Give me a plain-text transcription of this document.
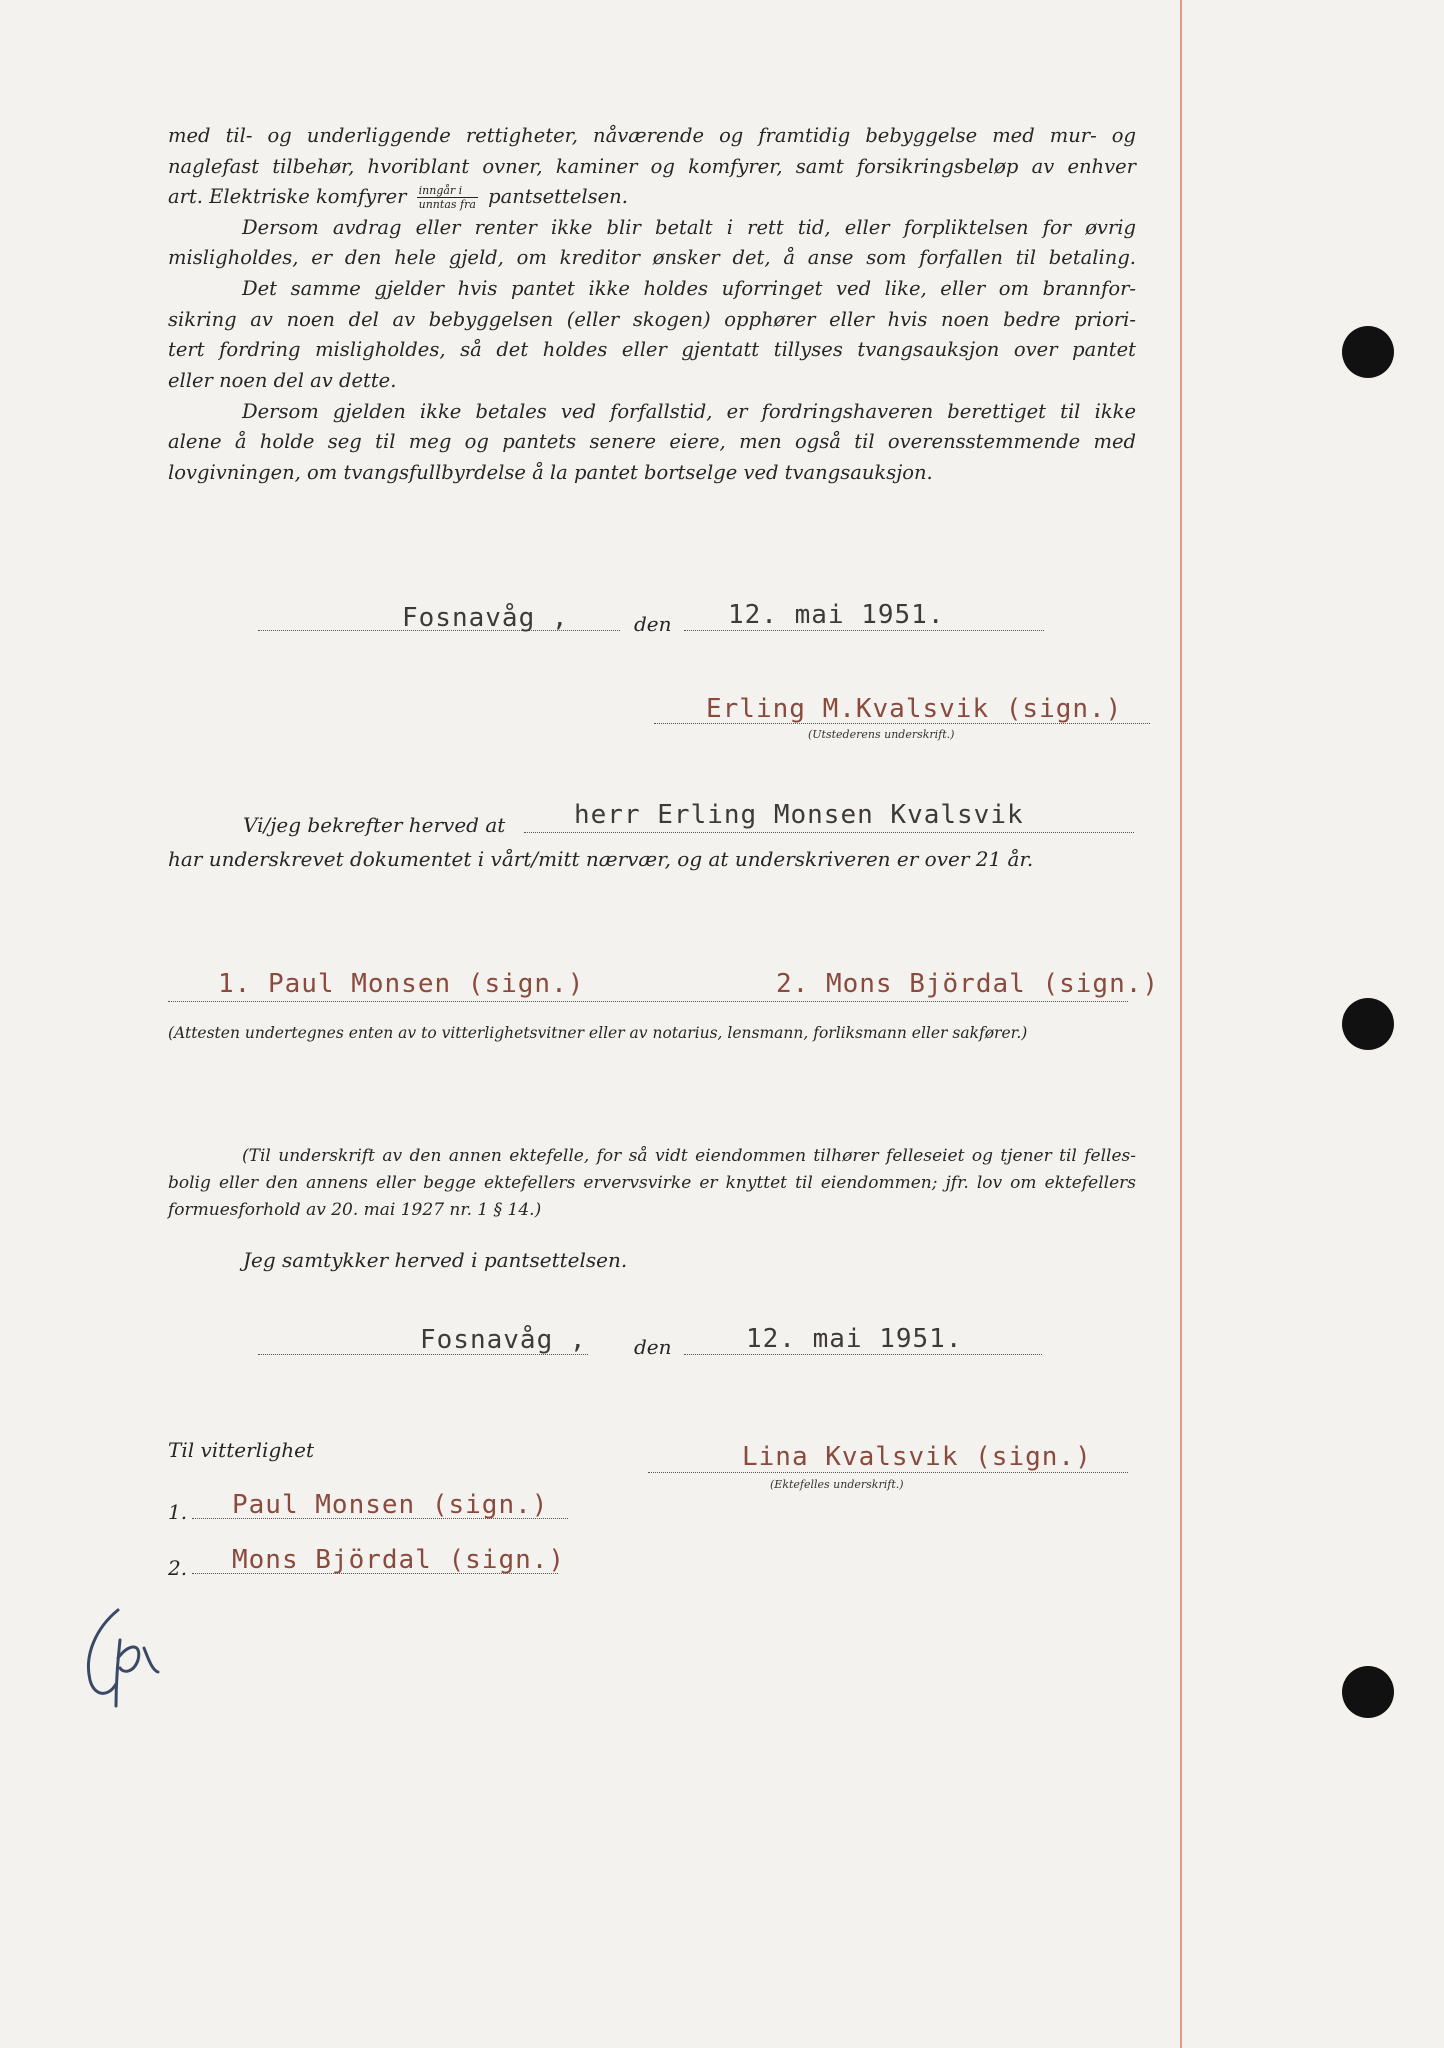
med til- og underliggende rettigheter, nåværende og framtidig bebyggelse med mur- og

naglefast tilbehør, hvoriblant ovner, kaminer og komfyrer, samt forsikringsbeløp av enhver

art. Elektriske komfyrer $\frac{\text{inngår i}}{\text{unntas fra}}$ pantsettelsen.

Dersom avdrag eller renter ikke blir betalt i rett tid, eller forpliktelsen for øvrig

misligholdes, er den hele gjeld, om kreditor ønsker det, å anse som forfallen til betaling.

Det samme gjelder hvis pantet ikke holdes uforringet ved like, eller om brannfor-

sikring av noen del av bebyggelsen (eller skogen) opphører eller hvis noen bedre priori-

tert fordring misligholdes, så det holdes eller gjentatt tillyses tvangsauksjon over pantet

eller noen del av dette.

Dersom gjelden ikke betales ved forfallstid, er fordringshaveren berettiget til ikke

alene å holde seg til meg og pantets senere eiere, men også til overensstemmende med

lovgivningen, om tvangsfullbyrdelse å la pantet bortselge ved tvangsauksjon.

Fosnavåg ,	den 12. mai 1951.
Erling M.Kvalsvik (sign.)
(Utstederens underskrift.)
Vi/jeg bekrefter herved at	herr Erling Monsen Kvalsvik
har underskrevet dokumentet i vårt/mitt nærvær, og at underskriveren er over 21 år.
1. Paul Monsen (sign.)	2. Mons Björdal (sign.)
(Attesten undertegnes enten av to vitterlighetsvitner eller av notarius, lensmann, forliksmann eller sakfører.)

(Til underskrift av den annen ektefelle, for så vidt eiendommen tilhører felleseiet og tjener til felles-

bolig eller den annens eller begge ektefellers ervervsvirke er knyttet til eiendommen; jfr. lov om ektefellers

formuesforhold av 20. mai 1927 nr. 1 § 14.)

Jeg samtykker herved i pantsettelsen.
Fosnavåg , den	12. mai 1951.
Til vitterlighet	Lina Kvalsvik (sign.)
(Ektefelles underskrift.)
1. Paul Monsen (sign.)
2. Mons Björdal (sign.)
